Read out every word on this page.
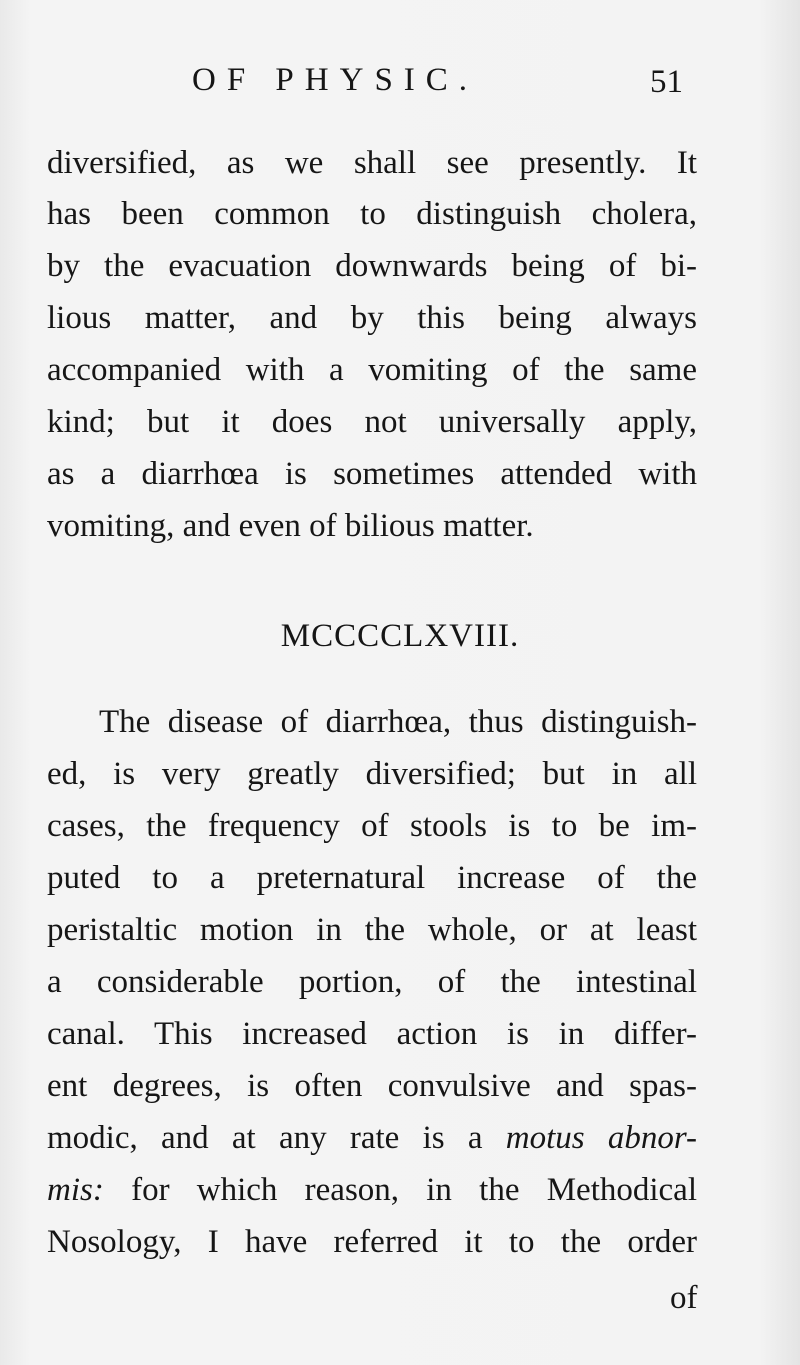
OF PHYSIC.	51
diversified, as we shall see presently. It
has been common to distinguish cholera,
by the evacuation downwards being of bi-
lious matter, and by this being always
accompanied with a vomiting of the same
kind; but it does not universally apply,
as a diarrhœa is sometimes attended with
vomiting, and even of bilious matter.
MCCCCLXVIII.
The disease of diarrhœa, thus distinguish-
ed, is very greatly diversified; but in all
cases, the frequency of stools is to be im-
puted to a preternatural increase of the
peristaltic motion in the whole, or at least
a considerable portion, of the intestinal
canal. This increased action is in differ-
ent degrees, is often convulsive and spas-
modic, and at any rate is a motus abnor-
mis: for which reason, in the Methodical
Nosology, I have referred it to the order
of
